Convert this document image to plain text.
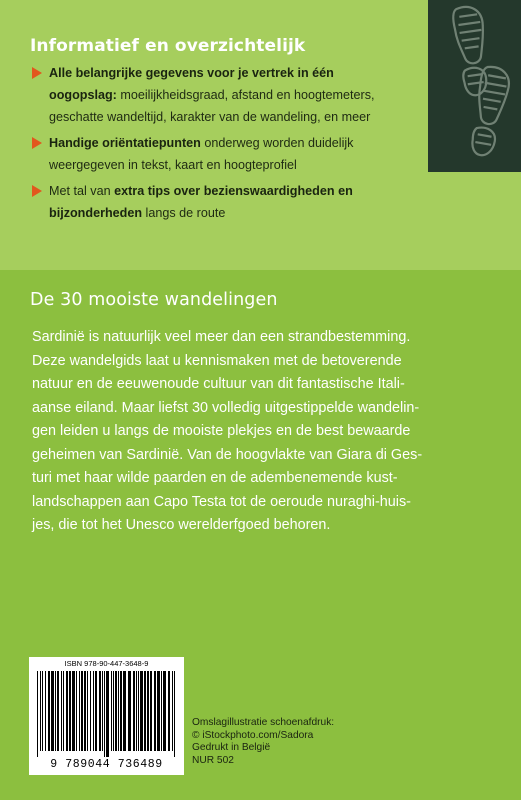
Informatief en overzichtelijk
Alle belangrijke gegevens voor je vertrek in één
oogopslag: moeilijkheidsgraad, afstand en hoogtemeters,
geschatte wandeltijd, karakter van de wandeling, en meer
Handige oriëntatiepunten onderweg worden duidelijk
weergegeven in tekst, kaart en hoogteprofiel
Met tal van extra tips over bezienswaardigheden en
bijzonderheden langs de route
De 30 mooiste wandelingen
Sardinië is natuurlijk veel meer dan een strandbestemming.
Deze wandelgids laat u kennismaken met de betoverende
natuur en de eeuwenoude cultuur van dit fantastische Itali-
aanse eiland. Maar liefst 30 volledig uitgestippelde wandelin-
gen leiden u langs de mooiste plekjes en de best bewaarde
geheimen van Sardinië. Van de hoogvlakte van Giara di Ges-
turi met haar wilde paarden en de adembenemende kust-
landschappen aan Capo Testa tot de oeroude nuraghi-huis-
jes, die tot het Unesco werelderfgoed behoren.
ISBN 978-90-447-3648-9
9 789044 736489
Omslagillustratie schoenafdruk:
© iStockphoto.com/Sadora
Gedrukt in België
NUR 502
